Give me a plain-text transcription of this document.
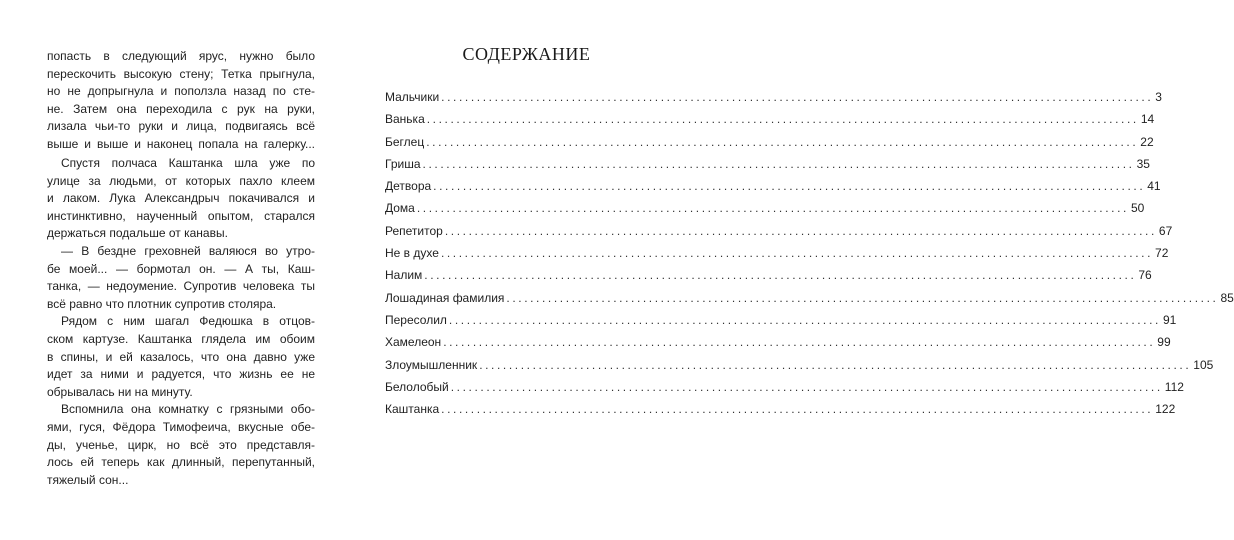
попасть в следующий ярус, нужно было
перескочить высокую стену; Тетка прыгнула,
но не допрыгнула и поползла назад по сте-
не. Затем она переходила с рук на руки,
лизала чьи-то руки и лица, подвигаясь всё
выше и выше и наконец попала на галерку...
Спустя полчаса Каштанка шла уже по
улице за людьми, от которых пахло клеем
и лаком. Лука Александрыч покачивался и
инстинктивно, наученный опытом, старался
держаться подальше от канавы.
— В бездне греховней валяюся во утро-
бе моей... — бормотал он. — А ты, Каш-
танка, — недоумение. Супротив человека ты
всё равно что плотник супротив столяра.
Рядом с ним шагал Федюшка в отцов-
ском картузе. Каштанка глядела им обоим
в спины, и ей казалось, что она давно уже
идет за ними и радуется, что жизнь ее не
обрывалась ни на минуту.
Вспомнила она комнатку с грязными обо-
ями, гуся, Фёдора Тимофеича, вкусные обе-
ды, ученье, цирк, но всё это представля-
лось ей теперь как длинный, перепутанный,
тяжелый сон...
СОДЕРЖАНИЕ
Мальчики ........................................................................................................................ 3
Ванька ........................................................................................................................ 14
Беглец ........................................................................................................................ 22
Гриша ........................................................................................................................ 35
Детвора ........................................................................................................................ 41
Дома ........................................................................................................................ 50
Репетитор ........................................................................................................................ 67
Не в духе ........................................................................................................................ 72
Налим ........................................................................................................................ 76
Лошадиная фамилия ........................................................................................................................ 85
Пересолил ........................................................................................................................ 91
Хамелеон ........................................................................................................................ 99
Злоумышленник ........................................................................................................................ 105
Белолобый ........................................................................................................................ 112
Каштанка ........................................................................................................................ 122
